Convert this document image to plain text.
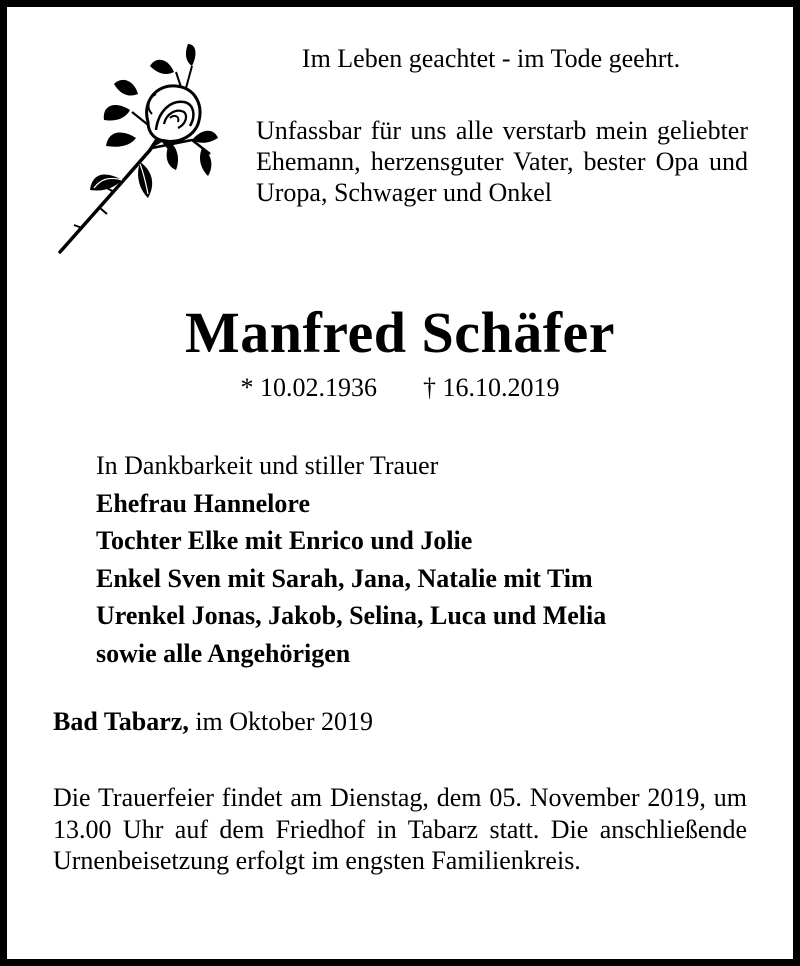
Im Leben geachtet - im Tode geehrt.

Unfassbar für uns alle verstarb mein geliebter Ehemann, herzensguter Vater, bester Opa und Uropa, Schwager und Onkel

Manfred Schäfer

* 10.02.1936 † 16.10.2019

In Dankbarkeit und stiller Trauer
Ehefrau Hannelore
Tochter Elke mit Enrico und Jolie
Enkel Sven mit Sarah, Jana, Natalie mit Tim
Urenkel Jonas, Jakob, Selina, Luca und Melia
sowie alle Angehörigen

Bad Tabarz, im Oktober 2019

Die Trauerfeier findet am Dienstag, dem 05. November 2019, um 13.00 Uhr auf dem Friedhof in Tabarz statt. Die anschließende Urnenbeisetzung erfolgt im engsten Familienkreis.
